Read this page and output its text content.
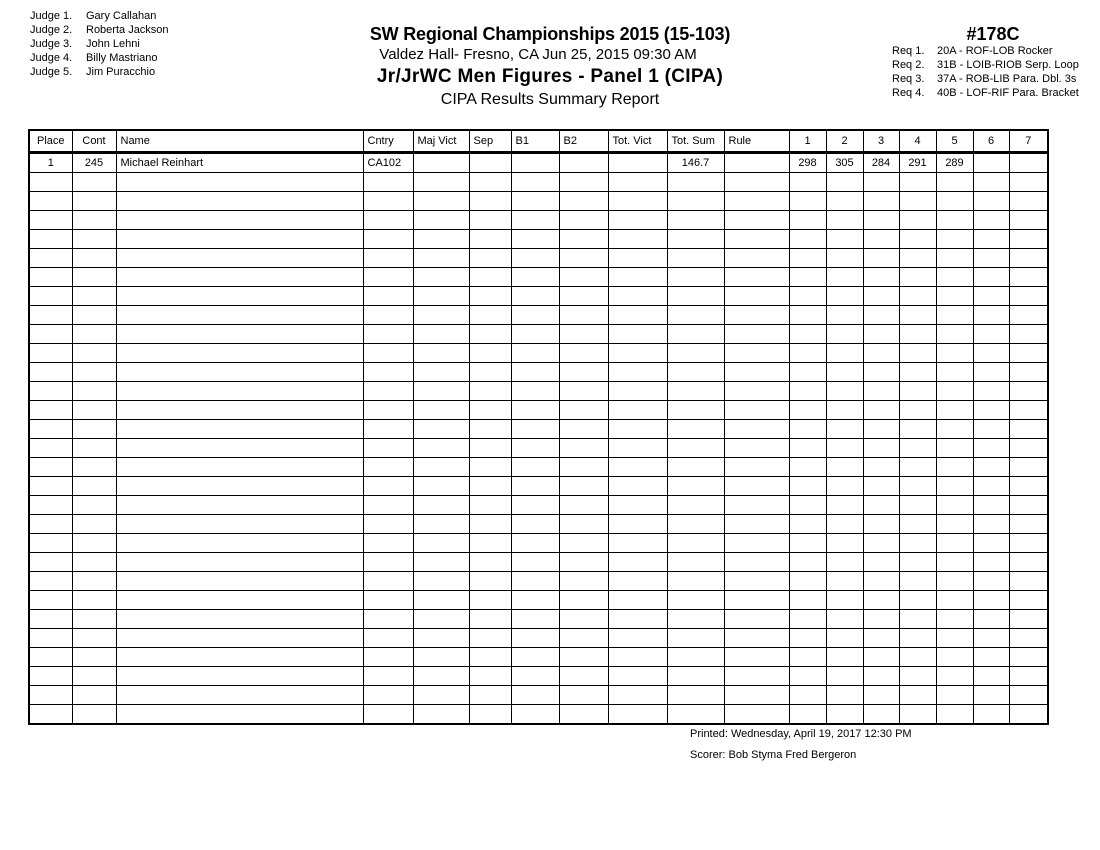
Judge 1. Gary Callahan
Judge 2. Roberta Jackson
Judge 3. John Lehni
Judge 4. Billy Mastriano
Judge 5. Jim Puracchio
SW Regional Championships 2015 (15-103)
Valdez Hall- Fresno, CA Jun 25, 2015 09:30 AM
Jr/JrWC Men Figures - Panel 1 (CIPA)
CIPA Results Summary Report
#178C
Req 1. 20A - ROF-LOB Rocker
Req 2. 31B - LOIB-RIOB Serp. Loop
Req 3. 37A - ROB-LIB Para. Dbl. 3s
Req 4. 40B - LOF-RIF Para. Bracket
Place	Cont	Name	Cntry	Maj Vict	Sep	B1	B2	Tot. Vict	Tot. Sum	Rule	1	2	3	4	5	6	7
1	245	Michael Reinhart	CA102						146.7		298	305	284	291	289		

Printed: Wednesday, April 19, 2017 12:30 PM
Scorer: Bob Styma Fred Bergeron
